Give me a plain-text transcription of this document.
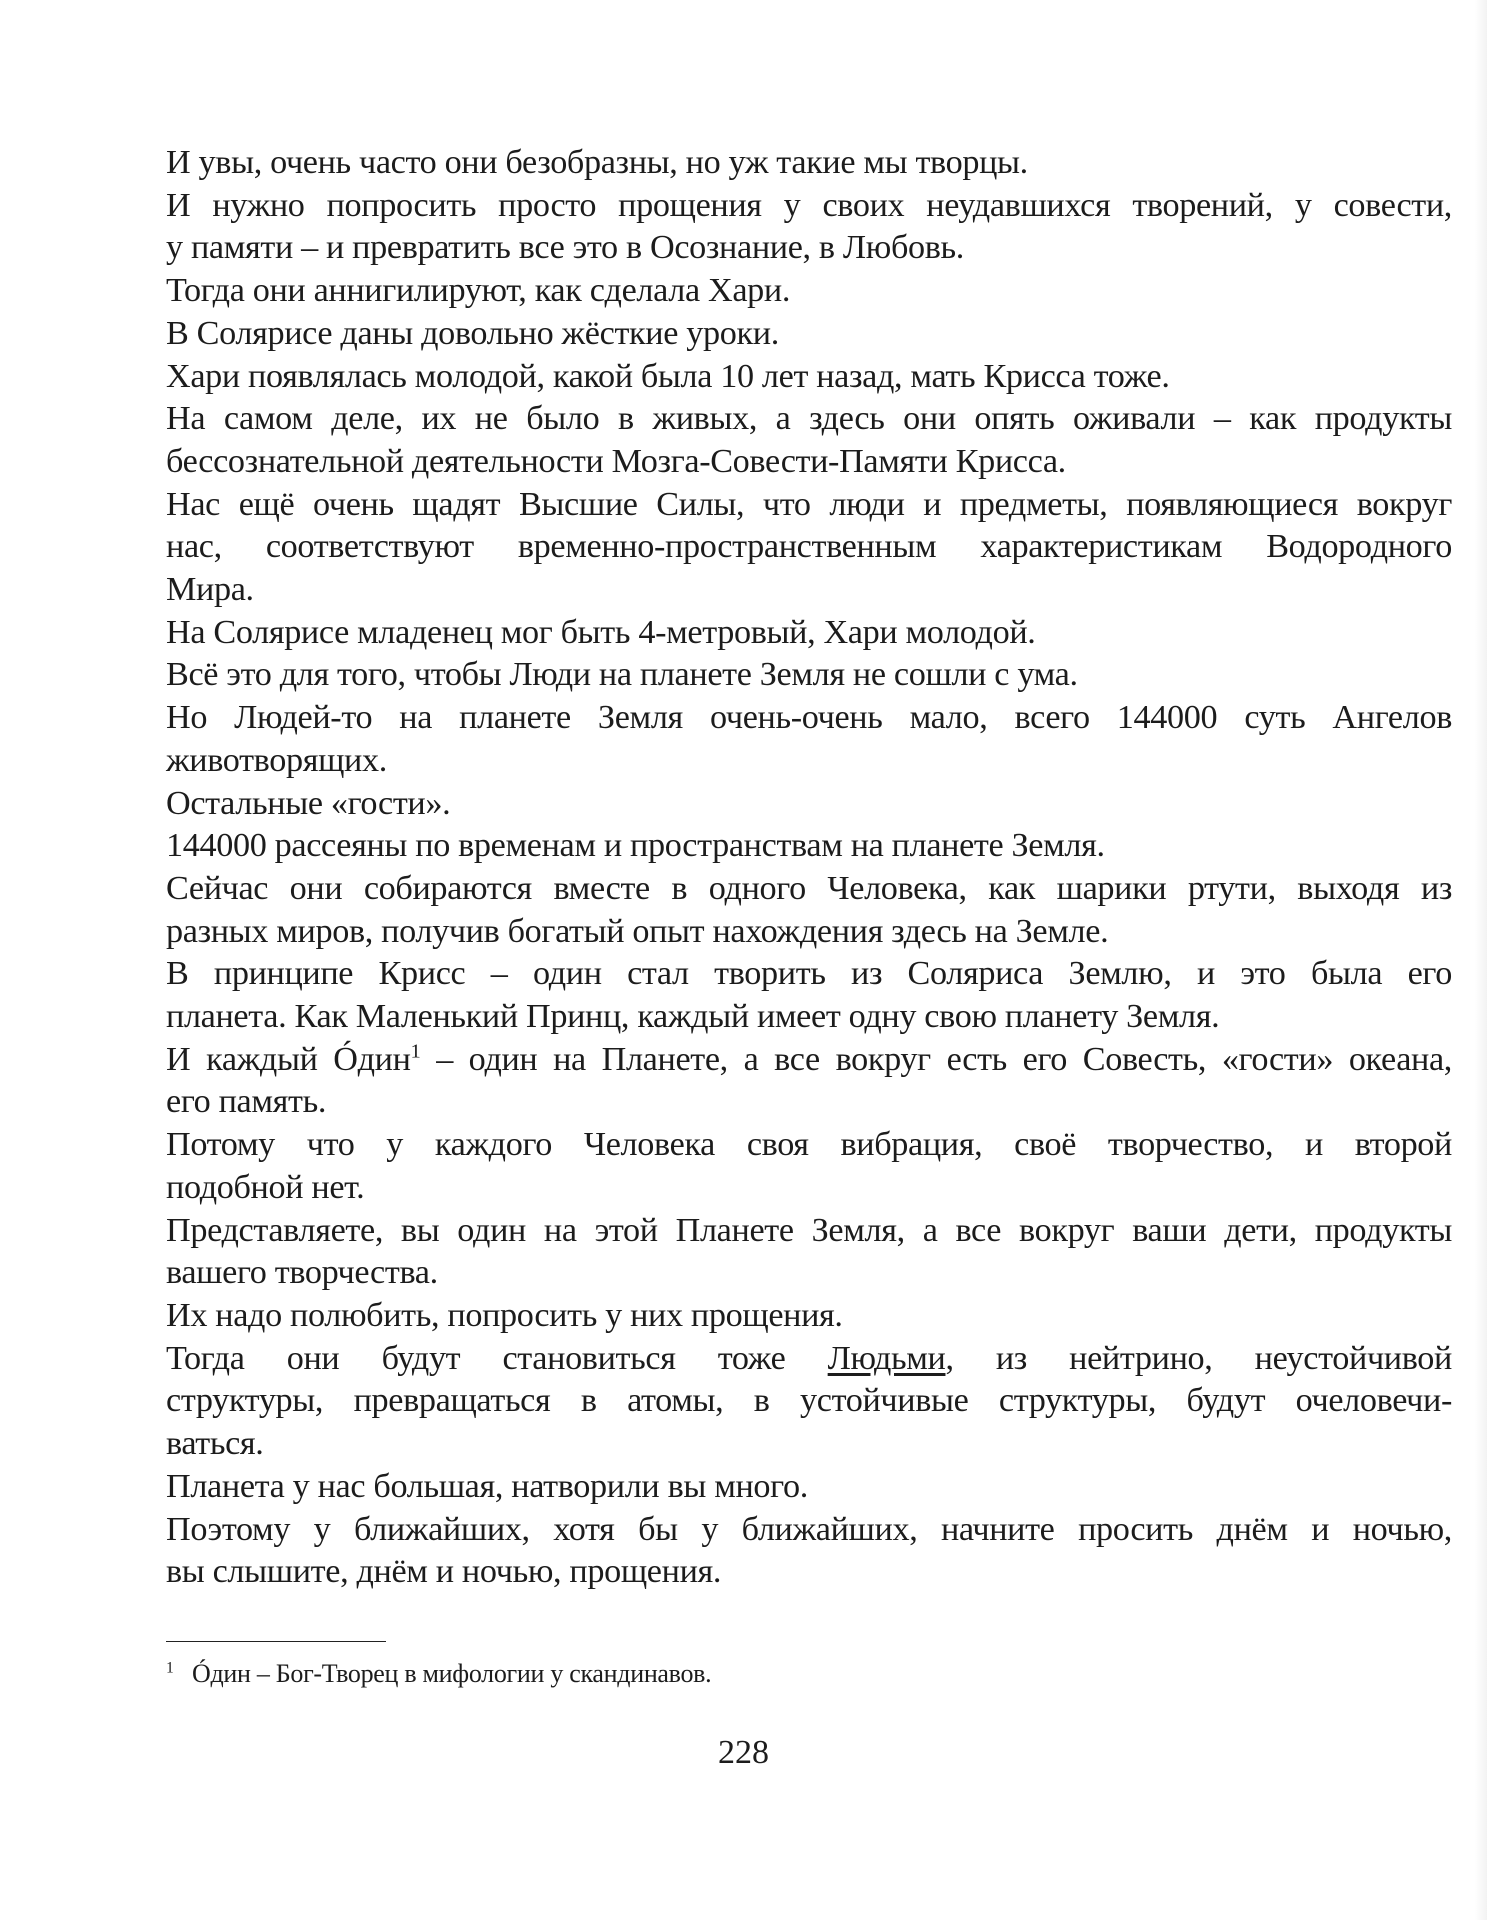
И увы, очень часто они безобразны, но уж такие мы творцы.

И нужно попросить просто прощения у своих неудавшихся творений, у совести,
у памяти – и превратить все это в Осознание, в Любовь.

Тогда они аннигилируют, как сделала Хари.

В Солярисе даны довольно жёсткие уроки.

Хари появлялась молодой, какой была 10 лет назад, мать Крисса тоже.

На самом деле, их не было в живых, а здесь они опять оживали – как продукты
бессознательной деятельности Мозга-Совести-Памяти Крисса.

Нас ещё очень щадят Высшие Силы, что люди и предметы, появляющиеся вокруг
нас, соответствуют временно-пространственным характеристикам Водородного
Мира.

На Солярисе младенец мог быть 4-метровый, Хари молодой.

Всё это для того, чтобы Люди на планете Земля не сошли с ума.

Но Людей-то на планете Земля очень-очень мало, всего 144000 суть Ангелов
животворящих.

Остальные «гости».

144000 рассеяны по временам и пространствам на планете Земля.

Сейчас они собираются вместе в одного Человека, как шарики ртути, выходя из
разных миров, получив богатый опыт нахождения здесь на Земле.

В принципе Крисс – один стал творить из Соляриса Землю, и это была его
планета. Как Маленький Принц, каждый имеет одну свою планету Земля.

И каждый Óдин$^1$ – один на Планете, а все вокруг есть его Совесть, «гости» океана,
его память.

Потому что у каждого Человека своя вибрация, своё творчество, и второй
подобной нет.

Представляете, вы один на этой Планете Земля, а все вокруг ваши дети, продукты
вашего творчества.

Их надо полюбить, попросить у них прощения.

Тогда они будут становиться тоже Людьми, из нейтрино, неустойчивой
структуры, превращаться в атомы, в устойчивые структуры, будут очеловечи-
ваться.

Планета у нас большая, натворили вы много.

Поэтому у ближайших, хотя бы у ближайших, начните просить днём и ночью,
вы слышите, днём и ночью, прощения.

$^1$ Óдин – Бог-Творец в мифологии у скандинавов.
228
